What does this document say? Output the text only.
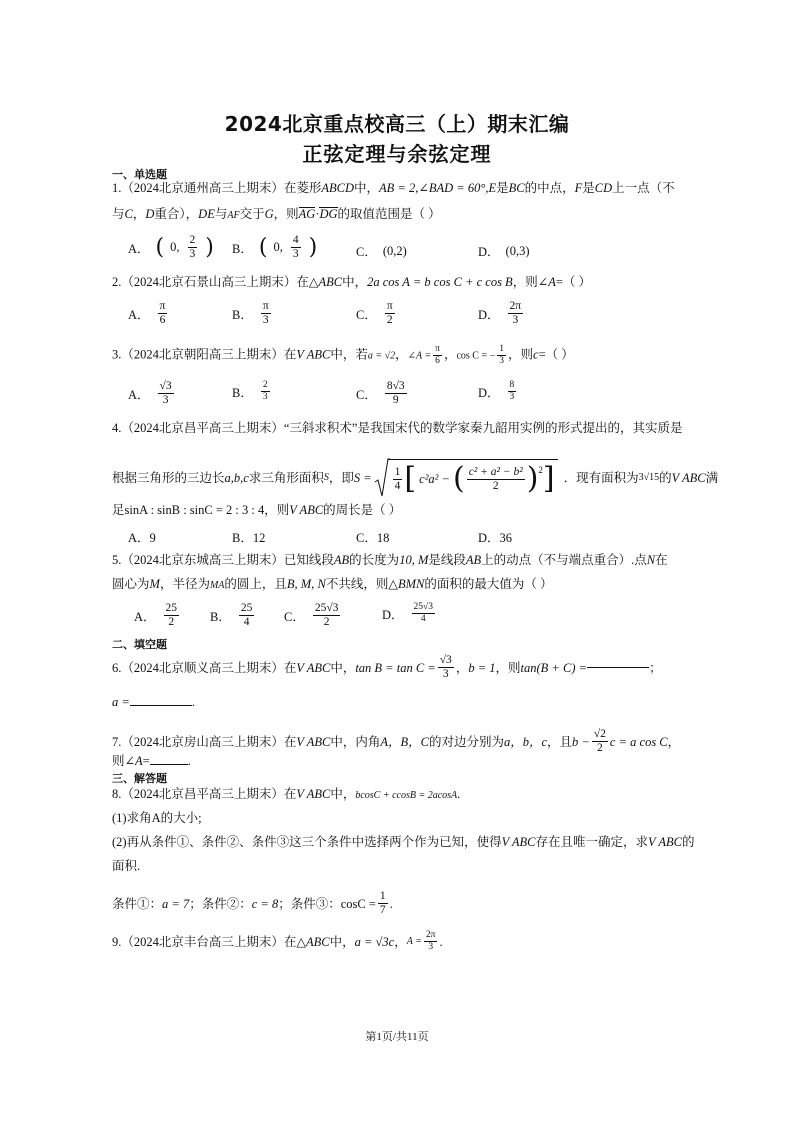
2024北京重点校高三（上）期末汇编
正弦定理与余弦定理
一、单选题
1.（2024北京通州高三上期末）在菱形ABCD中，AB = 2,∠BAD = 60°,E是BC的中点，F是CD上一点（不
与C，D重合），DE与AF交于G，则AG·DG的取值范围是（ ）
A． ( 0, $\frac{2}{3}$ ) B． ( 0, $\frac{4}{3}$ )	C． (0,2)	D． (0,3)
2.（2024北京石景山高三上期末）在△ABC中，2a cos A = b cos C + c cos B，则∠A=（ ）
A． $\frac{\pi}{6}$	B． $\frac{\pi}{3}$	C． $\frac{\pi}{2}$	D． $\frac{2\pi}{3}$
3.（2024北京朝阳高三上期末）在V ABC中，若a = √2，∠A = $\frac{\pi}{6}$ ，cos C = − $\frac{1}{3}$ ，则c=（ ）
A． $\frac{√3}{3}$	B． $\frac{2}{3}$	C． $\frac{8√3}{9}$	D． $\frac{8}{3}$
4.（2024北京昌平高三上期末）“三斜求积术”是我国宋代的数学家秦九韶用实例的形式提出的，其实质是
根据三角形的三边长 a,b,c 求三角形面积 S ，即 $S = \frac{1}{4}$ [ c²a² − ( $\frac{\text{c² + a² − b²}}{2}$ ) 2 ] ．现有面积为 3√15 的 V ABC 满
足sinA : sinB : sinC = 2 : 3 : 4，则V ABC的周长是（ ）
A．9	B．12	C．18	D．36
5.（2024北京东城高三上期末）已知线段AB的长度为10, M是线段AB上的动点（不与端点重合）.点N在
圆心为M，半径为MA的圆上，且B, M, N不共线，则△BMN的面积的最大值为（ ）
A． $\frac{25}{2}$ B． $\frac{25}{4}$ C． $\frac{25√3}{2}$	D． $\frac{25√3}{4}$
二、填空题
6.（2024北京顺义高三上期末）在 V ABC 中， $\tan B = \tan C = \frac{√3}{3}$ ， b = 1 ，则 tan(B + C) =	；
a =	.
7.（2024北京房山高三上期末）在 V ABC 中，内角 A，B，C 的对边分别为 a，b，c ，且 $b - \frac{√2}{2}$ c = a cos C ，
则∠A=	.
三、解答题
8.（2024北京昌平高三上期末）在V ABC中，bcosC + ccosB = 2acosA.
(1)求角A的大小;
(2)再从条件①、条件②、条件③这三个条件中选择两个作为已知，使得V ABC存在且唯一确定，求V ABC的
面积.
条件①： a = 7 ；条件②： c = 8 ；条件③： $\cos C = \frac{1}{7}$ .
9.（2024北京丰台高三上期末）在△ ABC 中， a = √3c ， $A = \frac{2\pi}{3}$ .
第1页/共11页
